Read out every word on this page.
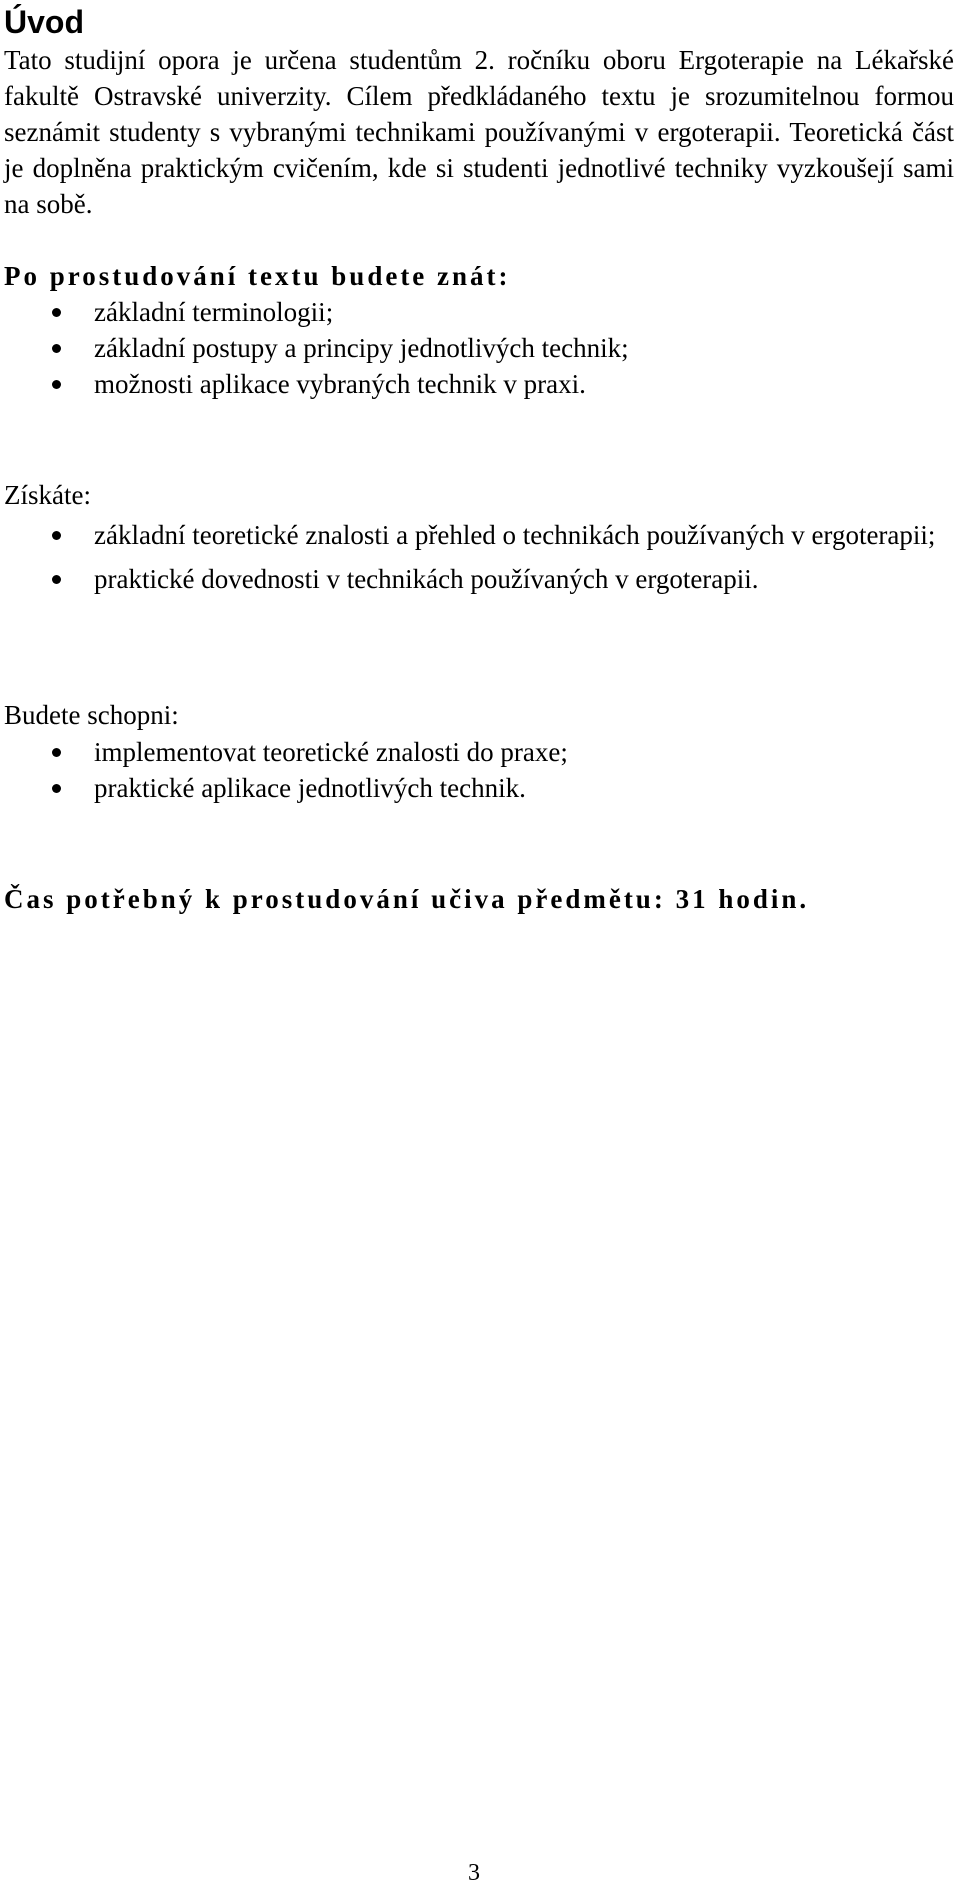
Úvod

Tato studijní opora je určena studentům 2. ročníku oboru Ergoterapie na Lékařské fakultě Ostravské univerzity. Cílem předkládaného textu je srozumitelnou formou seznámit studenty s vybranými technikami používanými v ergoterapii. Teoretická část je doplněna praktickým cvičením, kde si studenti jednotlivé techniky vyzkoušejí sami na sobě.

Po prostudování textu budete znát:

základní terminologii;
základní postupy a principy jednotlivých technik;
možnosti aplikace vybraných technik v praxi.

Získáte:

základní teoretické znalosti a přehled o technikách používaných v ergoterapii;
praktické dovednosti v technikách používaných v ergoterapii.

Budete schopni:

implementovat teoretické znalosti do praxe;
praktické aplikace jednotlivých technik.

Čas potřebný k prostudování učiva předmětu: 31 hodin.

3
